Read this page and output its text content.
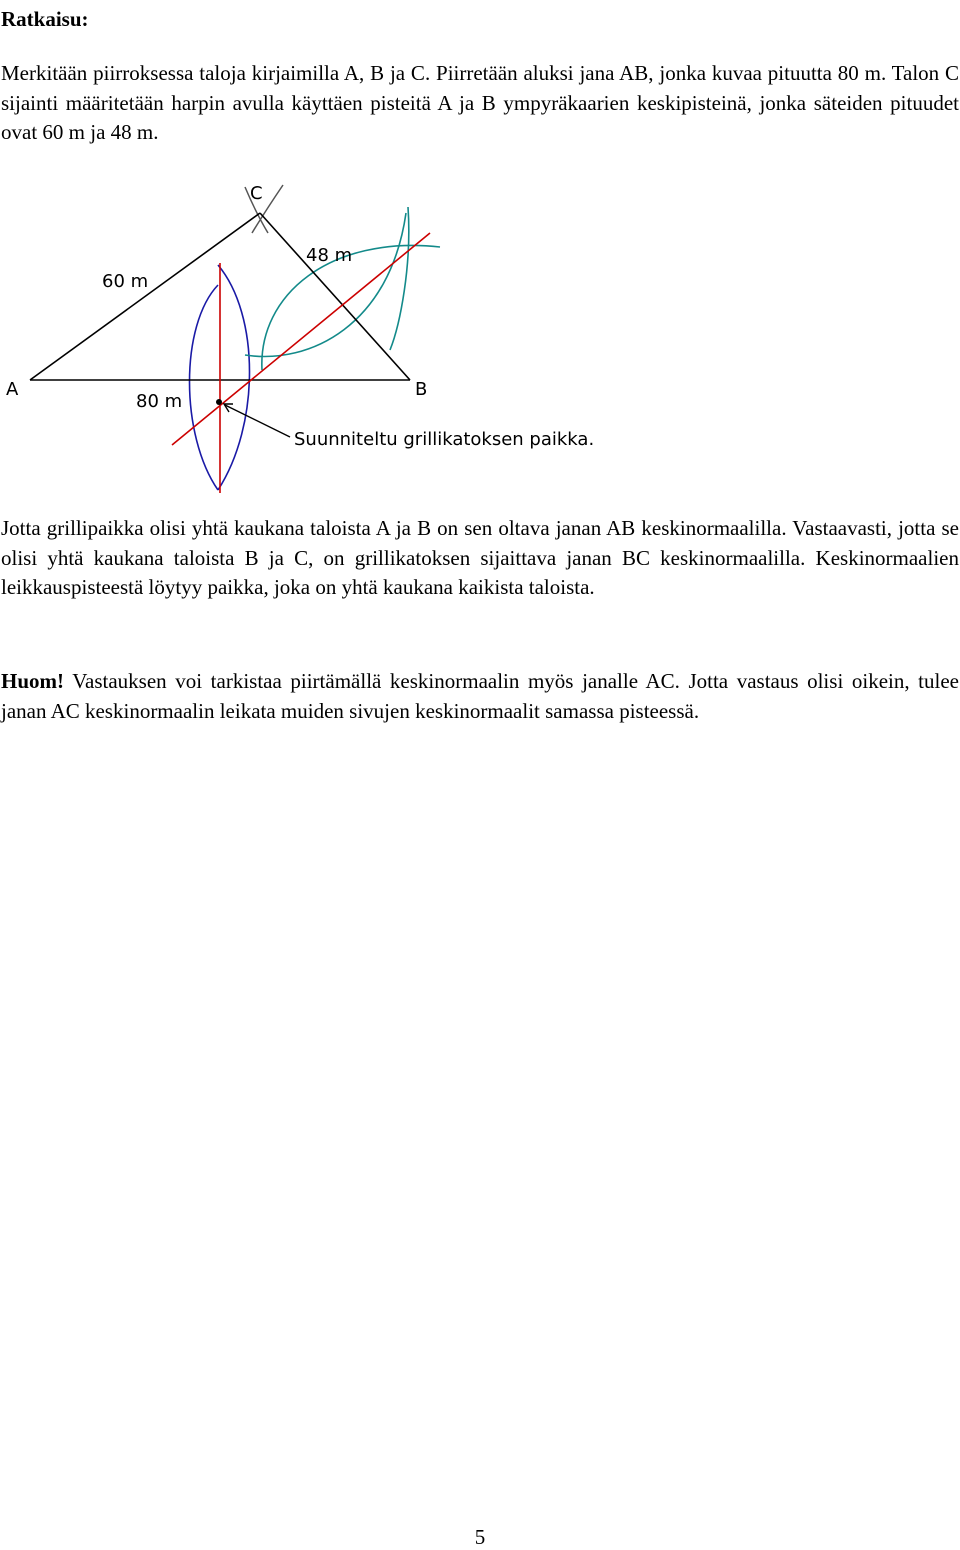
Ratkaisu:
Merkitään piirroksessa taloja kirjaimilla A, B ja C. Piirretään aluksi jana AB, jonka kuvaa pituutta 80 m. Talon C sijainti määritetään harpin avulla käyttäen pisteitä A ja B ympyräkaarien keskipisteinä, jonka säteiden pituudet ovat 60 m ja 48 m.
C
A	B
60 m
48 m
80 m
Suunniteltu grillikatoksen paikka.
Jotta grillipaikka olisi yhtä kaukana taloista A ja B on sen oltava janan AB keskinormaalilla. Vastaavasti, jotta se olisi yhtä kaukana taloista B ja C, on grillikatoksen sijaittava janan BC keskinormaalilla. Keskinormaalien leikkauspisteestä löytyy paikka, joka on yhtä kaukana kaikista taloista.
Huom! Vastauksen voi tarkistaa piirtämällä keskinormaalin myös janalle AC. Jotta vastaus olisi oikein, tulee janan AC keskinormaalin leikata muiden sivujen keskinormaalit samassa pisteessä.
5
